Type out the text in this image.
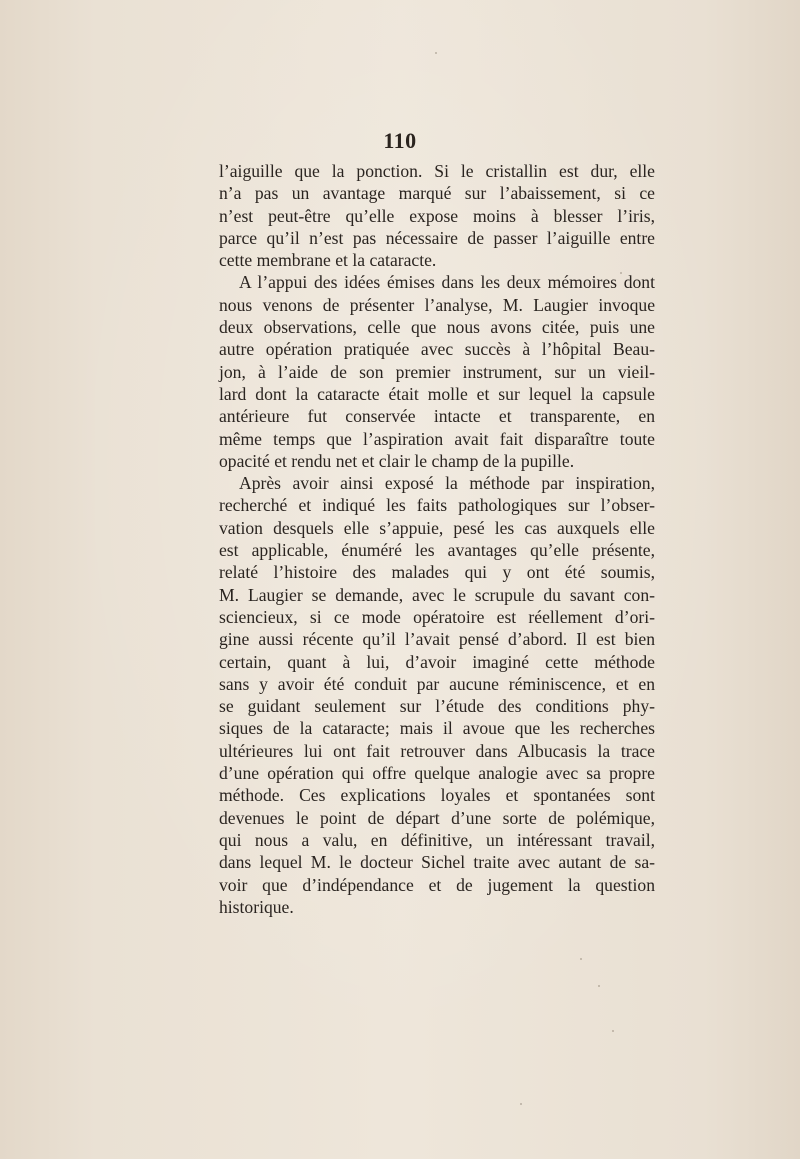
110
l’aiguille que la ponction. Si le cristallin est dur, elle
n’a pas un avantage marqué sur l’abaissement, si ce
n’est peut-être qu’elle expose moins à blesser l’iris,
parce qu’il n’est pas nécessaire de passer l’aiguille entre
cette membrane et la cataracte.
A l’appui des idées émises dans les deux mémoires dont
nous venons de présenter l’analyse, M. Laugier invoque
deux observations, celle que nous avons citée, puis une
autre opération pratiquée avec succès à l’hôpital Beau-
jon, à l’aide de son premier instrument, sur un vieil-
lard dont la cataracte était molle et sur lequel la capsule
antérieure fut conservée intacte et transparente, en
même temps que l’aspiration avait fait disparaître toute
opacité et rendu net et clair le champ de la pupille.
Après avoir ainsi exposé la méthode par inspiration,
recherché et indiqué les faits pathologiques sur l’obser-
vation desquels elle s’appuie, pesé les cas auxquels elle
est applicable, énuméré les avantages qu’elle présente,
relaté l’histoire des malades qui y ont été soumis,
M. Laugier se demande, avec le scrupule du savant con-
sciencieux, si ce mode opératoire est réellement d’ori-
gine aussi récente qu’il l’avait pensé d’abord. Il est bien
certain, quant à lui, d’avoir imaginé cette méthode
sans y avoir été conduit par aucune réminiscence, et en
se guidant seulement sur l’étude des conditions phy-
siques de la cataracte; mais il avoue que les recherches
ultérieures lui ont fait retrouver dans Albucasis la trace
d’une opération qui offre quelque analogie avec sa propre
méthode. Ces explications loyales et spontanées sont
devenues le point de départ d’une sorte de polémique,
qui nous a valu, en définitive, un intéressant travail,
dans lequel M. le docteur Sichel traite avec autant de sa-
voir que d’indépendance et de jugement la question
historique.
